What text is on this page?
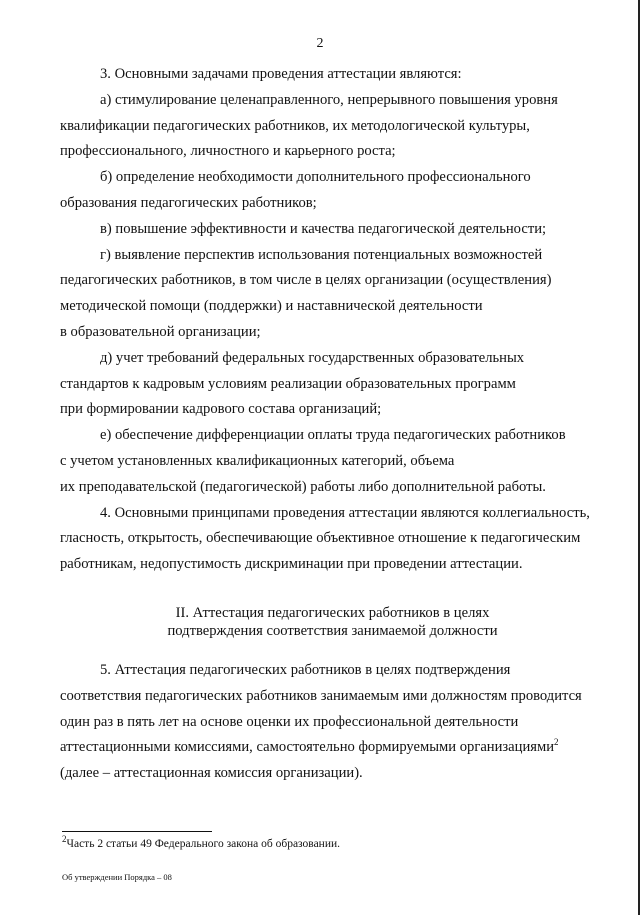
2

3. Основными задачами проведения аттестации являются:

а) стимулирование целенаправленного, непрерывного повышения уровня

квалификации педагогических работников, их методологической культуры,

профессионального, личностного и карьерного роста;

б) определение необходимости дополнительного профессионального

образования педагогических работников;

в) повышение эффективности и качества педагогической деятельности;

г) выявление перспектив использования потенциальных возможностей

педагогических работников, в том числе в целях организации (осуществления)

методической помощи (поддержки) и наставнической деятельности

в образовательной организации;

д) учет требований федеральных государственных образовательных

стандартов к кадровым условиям реализации образовательных программ

при формировании кадрового состава организаций;

е) обеспечение дифференциации оплаты труда педагогических работников

с учетом установленных квалификационных категорий, объема

их преподавательской (педагогической) работы либо дополнительной работы.

4. Основными принципами проведения аттестации являются коллегиальность,

гласность, открытость, обеспечивающие объективное отношение к педагогическим

работникам, недопустимость дискриминации при проведении аттестации.

II. Аттестация педагогических работников в целях
подтверждения соответствия занимаемой должности

5. Аттестация педагогических работников в целях подтверждения

соответствия педагогических работников занимаемым ими должностям проводится

один раз в пять лет на основе оценки их профессиональной деятельности

аттестационными комиссиями, самостоятельно формируемыми организациями$^2$

(далее – аттестационная комиссия организации).

$^2$Часть 2 статьи 49 Федерального закона об образовании.
Об утверждении Порядка – 08
